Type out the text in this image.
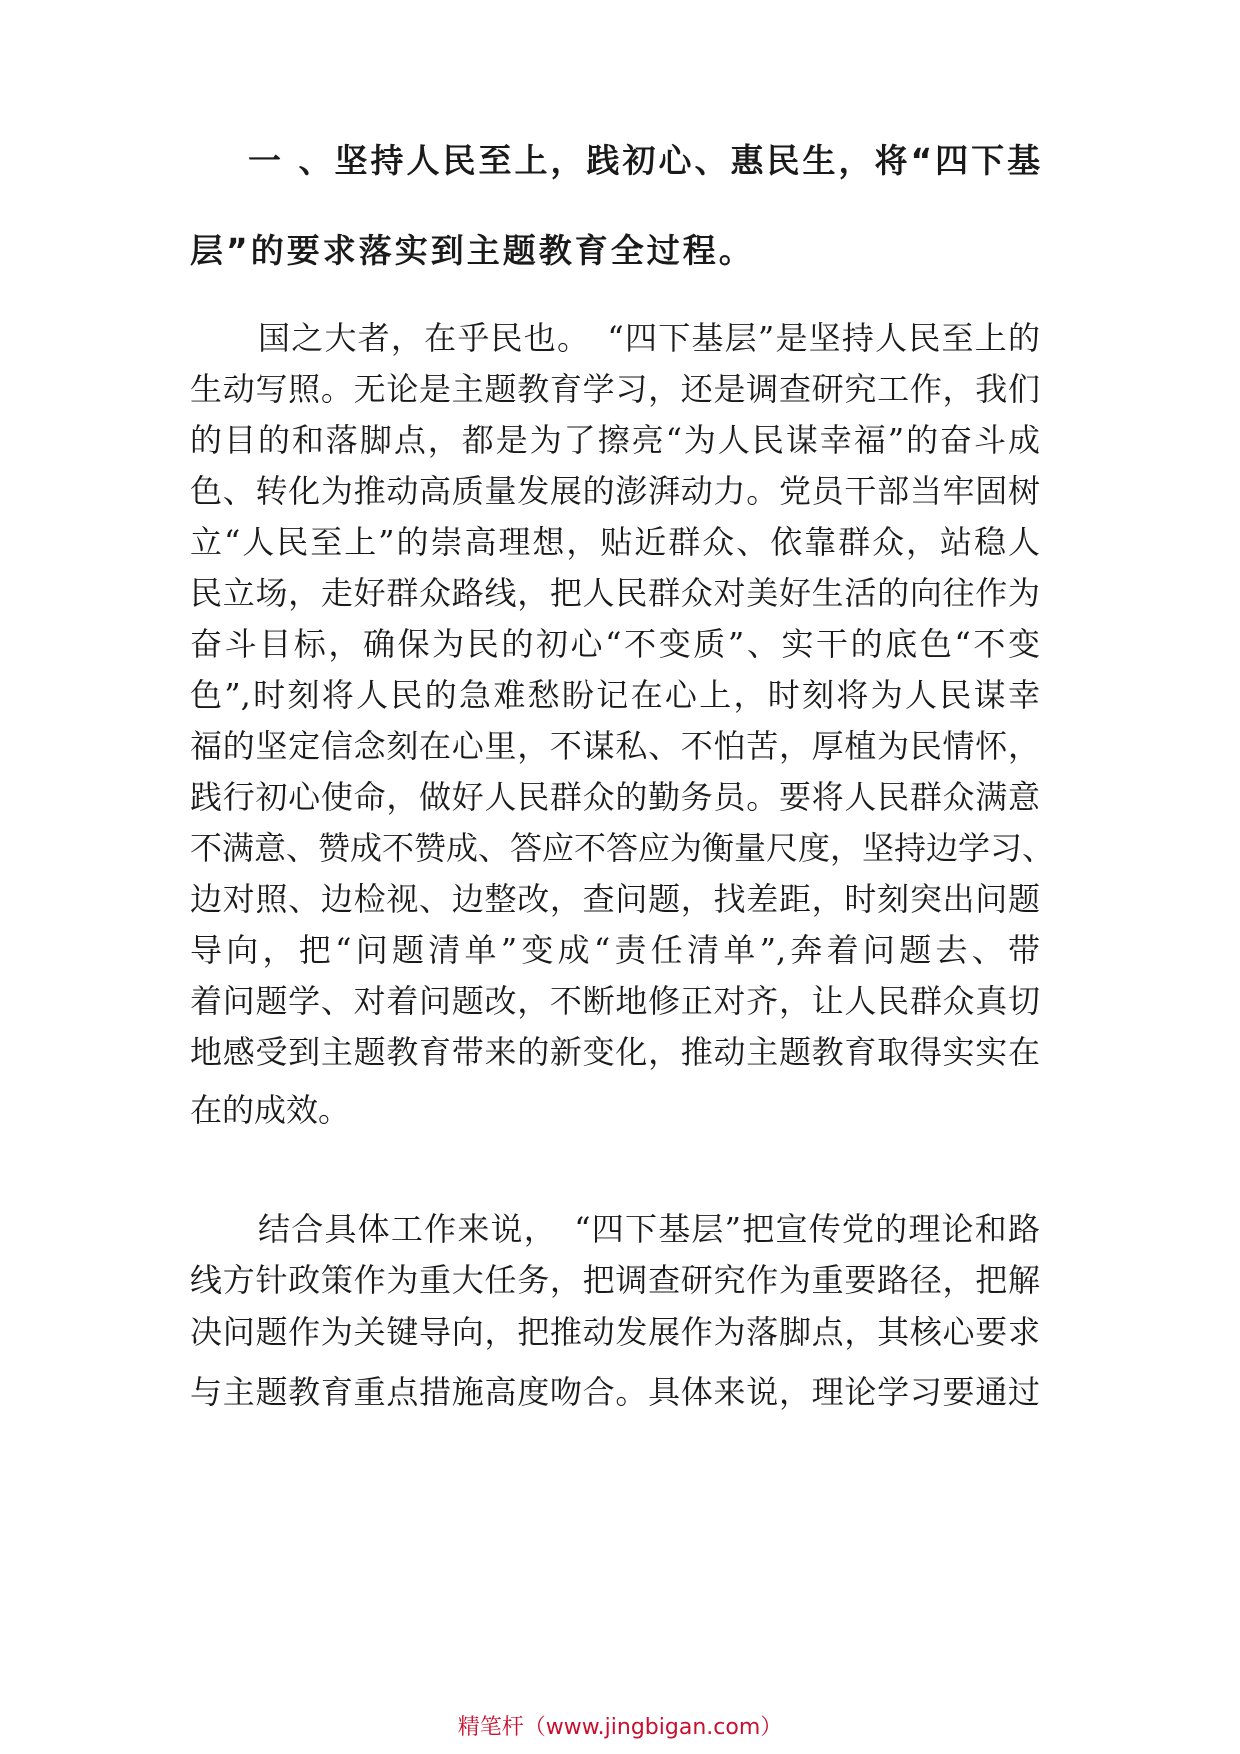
一 、坚持人民至上，践初心、惠民生，将“四下基
层”的要求落实到主题教育全过程。
国之大者，在乎民也。　“四下基层”是坚持人民至上的
生动写照。无论是主题教育学习，还是调查研究工作，我们
的目的和落脚点，都是为了擦亮“为人民谋幸福”的奋斗成
色、转化为推动高质量发展的澎湃动力。党员干部当牢固树
立“人民至上”的崇高理想，贴近群众、依靠群众，站稳人
民立场，走好群众路线，把人民群众对美好生活的向往作为
奋斗目标，确保为民的初心“不变质”、实干的底色“不变
色”,时刻将人民的急难愁盼记在心上，时刻将为人民谋幸
福的坚定信念刻在心里，不谋私、不怕苦，厚植为民情怀，
践行初心使命，做好人民群众的勤务员。要将人民群众满意
不满意、赞成不赞成、答应不答应为衡量尺度，坚持边学习、
边对照、边检视、边整改，查问题，找差距，时刻突出问题
导向，把“问题清单”变成“责任清单”,奔着问题去、带
着问题学、对着问题改，不断地修正对齐，让人民群众真切
地感受到主题教育带来的新变化，推动主题教育取得实实在
在的成效。
结合具体工作来说，　“四下基层”把宣传党的理论和路
线方针政策作为重大任务，把调查研究作为重要路径，把解
决问题作为关键导向，把推动发展作为落脚点，其核心要求
与主题教育重点措施高度吻合。具体来说，理论学习要通过
精笔杆（www.jingbigan.com）
